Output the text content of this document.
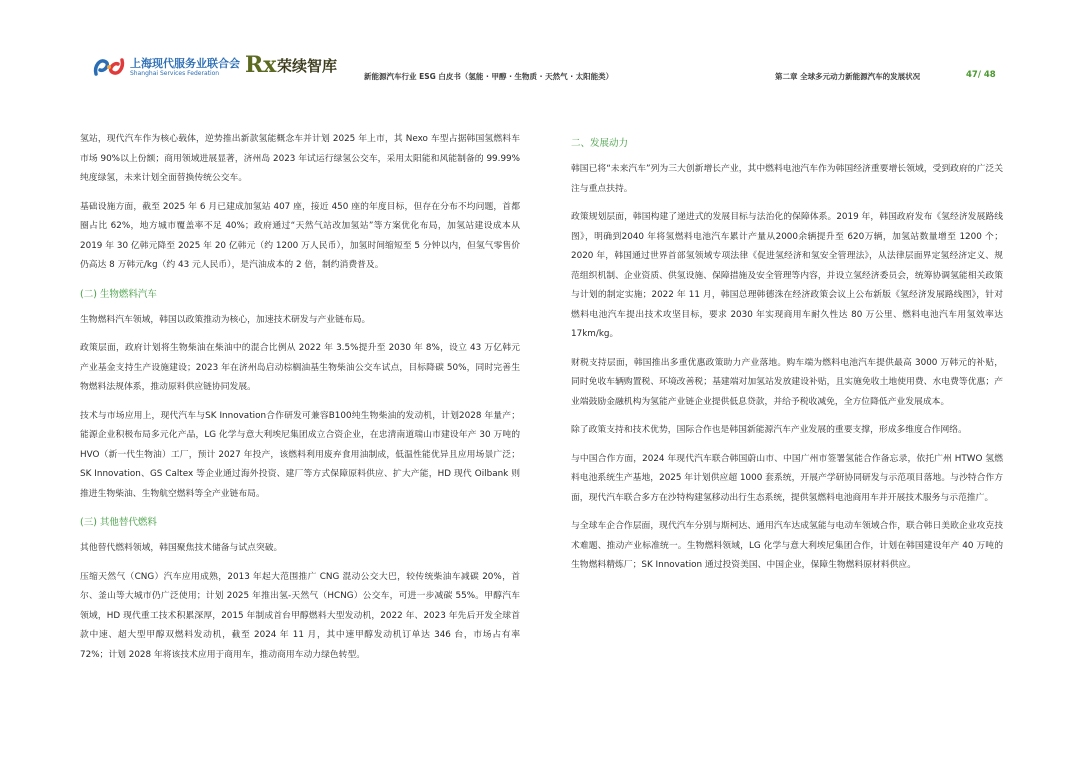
上海现代服务业联合会
Shanghai Services Federation Rx 荣续智库
新能源汽车行业 ESG 白皮书（氢能 · 甲醇 · 生物质 · 天然气 · 太阳能类）	第二章 全球多元动力新能源汽车的发展状况	47/ 48

氢站，现代汽车作为核心载体，逆势推出新款氢能概念车并计划 2025 年上市，其 Nexo 车型占据韩国氢燃料车市场 90%以上份额；商用领域进展显著，济州岛 2023 年试运行绿氢公交车，采用太阳能和风能制备的 99.99%纯度绿氢，未来计划全面替换传统公交车。

基础设施方面，截至 2025 年 6 月已建成加氢站 407 座，接近 450 座的年度目标，但存在分布不均问题，首都圈占比 62%，地方城市覆盖率不足 40%；政府通过“天然气站改加氢站”等方案优化布局，加氢站建设成本从 2019 年 30 亿韩元降至 2025 年 20 亿韩元（约 1200 万人民币），加氢时间缩短至 5 分钟以内，但氢气零售价仍高达 8 万韩元/kg（约 43 元人民币），是汽油成本的 2 倍，制约消费普及。

(二) 生物燃料汽车

生物燃料汽车领域，韩国以政策推动为核心，加速技术研发与产业链布局。

政策层面，政府计划将生物柴油在柴油中的混合比例从 2022 年 3.5%提升至 2030 年 8%，设立 43 万亿韩元产业基金支持生产设施建设；2023 年在济州岛启动棕榈油基生物柴油公交车试点，目标降碳 50%，同时完善生物燃料法规体系，推动原料供应链协同发展。

技术与市场应用上，现代汽车与SK Innovation合作研发可兼容B100纯生物柴油的发动机，计划2028 年量产；能源企业积极布局多元化产品，LG 化学与意大利埃尼集团成立合资企业，在忠清南道瑞山市建设年产 30 万吨的 HVO（新一代生物油）工厂，预计 2027 年投产，该燃料利用废弃食用油制成，低温性能优异且应用场景广泛；SK Innovation、GS Caltex 等企业通过海外投资、建厂等方式保障原料供应、扩大产能，HD 现代 Oilbank 则推进生物柴油、生物航空燃料等全产业链布局。

(三) 其他替代燃料

其他替代燃料领域，韩国聚焦技术储备与试点突破。

压缩天然气（CNG）汽车应用成熟，2013 年起大范围推广 CNG 混动公交大巴，较传统柴油车减碳 20%，首尔、釜山等大城市仍广泛使用；计划 2025 年推出氢-天然气（HCNG）公交车，可进一步减碳 55%。甲醇汽车领域，HD 现代重工技术积累深厚，2015 年制成首台甲醇燃料大型发动机，2022 年、2023 年先后开发全球首款中速、超大型甲醇双燃料发动机，截至 2024 年 11 月，其中速甲醇发动机订单达 346 台，市场占有率 72%；计划 2028 年将该技术应用于商用车，推动商用车动力绿色转型。

二、发展动力

韩国已将“未来汽车”列为三大创新增长产业，其中燃料电池汽车作为韩国经济重要增长领域，受到政府的广泛关注与重点扶持。

政策规划层面，韩国构建了递进式的发展目标与法治化的保障体系。2019 年，韩国政府发布《氢经济发展路线图》，明确到2040 年将氢燃料电池汽车累计产量从2000余辆提升至 620万辆，加氢站数量增至 1200 个；2020 年，韩国通过世界首部氢领域专项法律《促进氢经济和氢安全管理法》，从法律层面界定氢经济定义、规范组织机制、企业资质、供氢设施、保障措施及安全管理等内容，并设立氢经济委员会，统筹协调氢能相关政策与计划的制定实施；2022 年 11 月，韩国总理韩德洙在经济政策会议上公布新版《氢经济发展路线图》，针对燃料电池汽车提出技术攻坚目标，要求 2030 年实现商用车耐久性达 80 万公里、燃料电池汽车用氢效率达 17km/kg。

财税支持层面，韩国推出多重优惠政策助力产业落地。购车端为燃料电池汽车提供最高 3000 万韩元的补贴，同时免收车辆购置税、环境改善税；基建端对加氢站发放建设补贴，且实施免收土地使用费、水电费等优惠；产业端鼓励金融机构为氢能产业链企业提供低息贷款，并给予税收减免，全方位降低产业发展成本。

除了政策支持和技术优势，国际合作也是韩国新能源汽车产业发展的重要支撑，形成多维度合作网络。

与中国合作方面，2024 年现代汽车联合韩国蔚山市、中国广州市签署氢能合作备忘录，依托广州 HTWO 氢燃料电池系统生产基地，2025 年计划供应超 1000 套系统，开展产学研协同研发与示范项目落地。与沙特合作方面，现代汽车联合多方在沙特构建氢移动出行生态系统，提供氢燃料电池商用车并开展技术服务与示范推广。

与全球车企合作层面，现代汽车分别与斯柯达、通用汽车达成氢能与电动车领域合作，联合韩日美欧企业攻克技术难题、推动产业标准统一。生物燃料领域，LG 化学与意大利埃尼集团合作，计划在韩国建设年产 40 万吨的生物燃料精炼厂；SK Innovation 通过投资美国、中国企业，保障生物燃料原材料供应。
